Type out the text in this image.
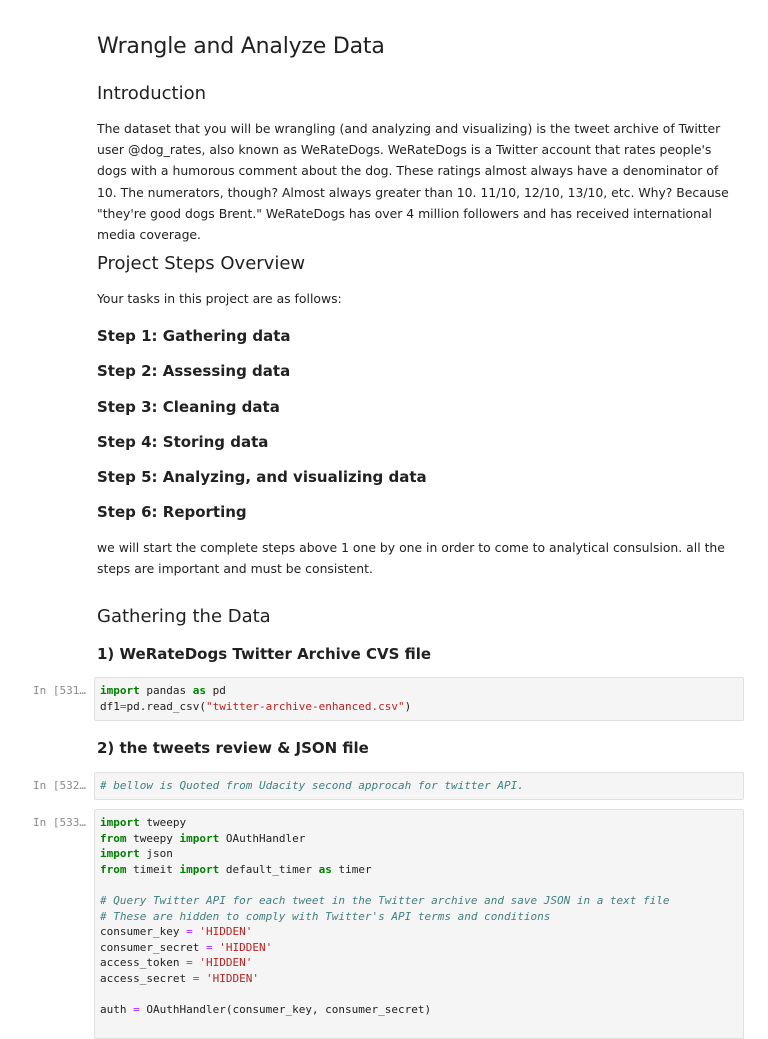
Wrangle and Analyze Data
Introduction

The dataset that you will be wrangling (and analyzing and visualizing) is the tweet archive of Twitter user @dog_rates, also known as WeRateDogs. WeRateDogs is a Twitter account that rates people's dogs with a humorous comment about the dog. These ratings almost always have a denominator of 10. The numerators, though? Almost always greater than 10. 11/10, 12/10, 13/10, etc. Why? Because "they're good dogs Brent." WeRateDogs has over 4 million followers and has received international media coverage.

Project Steps Overview

Your tasks in this project are as follows:

Step 1: Gathering data
Step 2: Assessing data
Step 3: Cleaning data
Step 4: Storing data
Step 5: Analyzing, and visualizing data
Step 6: Reporting

we will start the complete steps above 1 one by one in order to come to analytical consulsion. all the steps are important and must be consistent.

Gathering the Data
1) WeRateDogs Twitter Archive CVS file
In [531…	import pandas as pd
df1=pd.read_csv("twitter-archive-enhanced.csv")
2) the tweets review & JSON file
In [532…	# bellow is Quoted from Udacity second approcah for twitter API.
In [533…	import tweepy
from tweepy import OAuthHandler
import json
from timeit import default_timer as timer

# Query Twitter API for each tweet in the Twitter archive and save JSON in a text file
# These are hidden to comply with Twitter's API terms and conditions
consumer_key = 'HIDDEN'
consumer_secret = 'HIDDEN'
access_token = 'HIDDEN'
access_secret = 'HIDDEN'

auth = OAuthHandler(consumer_key, consumer_secret)
